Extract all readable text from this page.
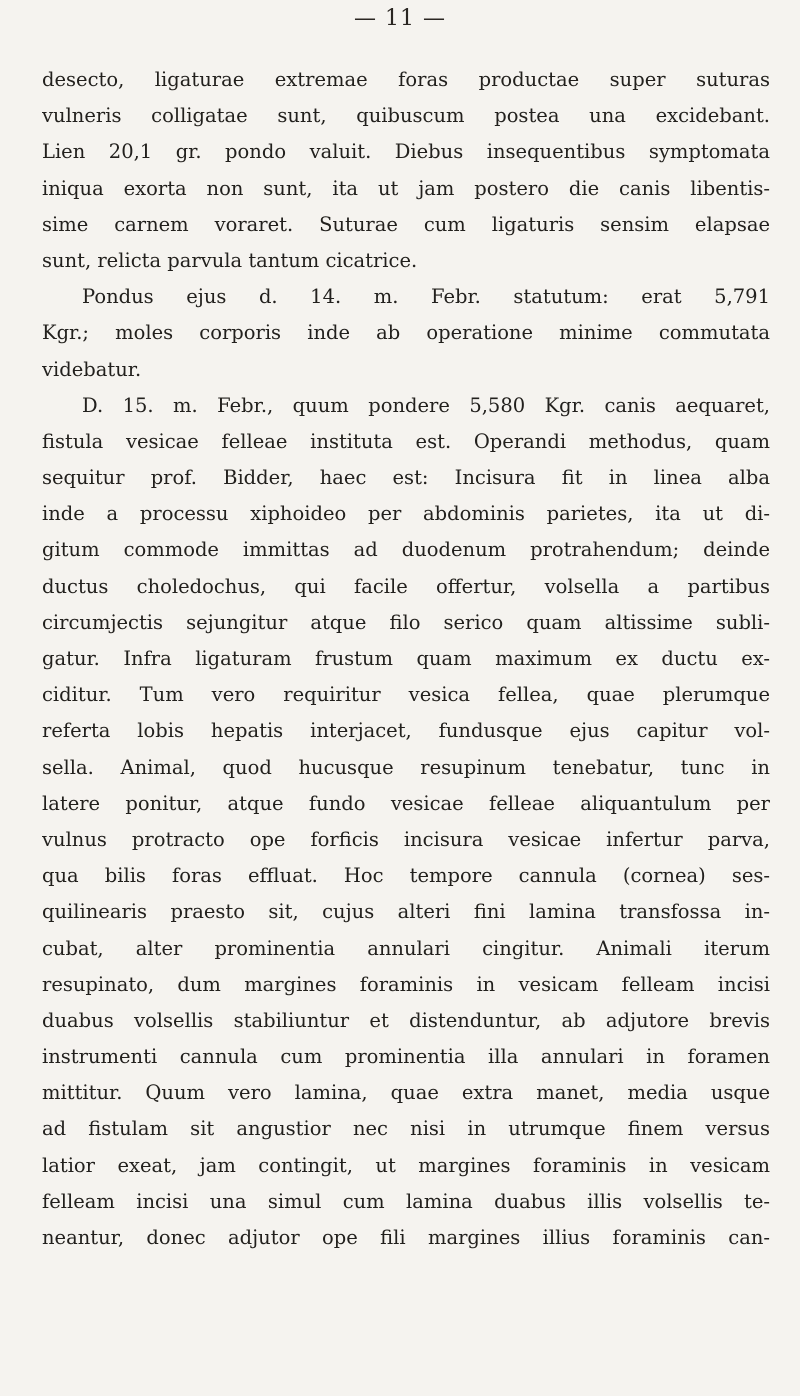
— 11 —
desecto, ligaturae extremae foras productae super suturas
vulneris colligatae sunt, quibuscum postea una excidebant.
Lien 20,1 gr. pondo valuit. Diebus insequentibus symptomata
iniqua exorta non sunt, ita ut jam postero die canis libentis-
sime carnem voraret. Suturae cum ligaturis sensim elapsae
sunt, relicta parvula tantum cicatrice.
Pondus ejus d. 14. m. Febr. statutum: erat 5,791
Kgr.; moles corporis inde ab operatione minime commutata
videbatur.
D. 15. m. Febr., quum pondere 5,580 Kgr. canis aequaret,
fistula vesicae felleae instituta est. Operandi methodus, quam
sequitur prof. Bidder, haec est: Incisura fit in linea alba
inde a processu xiphoideo per abdominis parietes, ita ut di-
gitum commode immittas ad duodenum protrahendum; deinde
ductus choledochus, qui facile offertur, volsella a partibus
circumjectis sejungitur atque filo serico quam altissime subli-
gatur. Infra ligaturam frustum quam maximum ex ductu ex-
ciditur. Tum vero requiritur vesica fellea, quae plerumque
referta lobis hepatis interjacet, fundusque ejus capitur vol-
sella. Animal, quod hucusque resupinum tenebatur, tunc in
latere ponitur, atque fundo vesicae felleae aliquantulum per
vulnus protracto ope forficis incisura vesicae infertur parva,
qua bilis foras effluat. Hoc tempore cannula (cornea) ses-
quilinearis praesto sit, cujus alteri fini lamina transfossa in-
cubat, alter prominentia annulari cingitur. Animali iterum
resupinato, dum margines foraminis in vesicam felleam incisi
duabus volsellis stabiliuntur et distenduntur, ab adjutore brevis
instrumenti cannula cum prominentia illa annulari in foramen
mittitur. Quum vero lamina, quae extra manet, media usque
ad fistulam sit angustior nec nisi in utrumque finem versus
latior exeat, jam contingit, ut margines foraminis in vesicam
felleam incisi una simul cum lamina duabus illis volsellis te-
neantur, donec adjutor ope fili margines illius foraminis can-
